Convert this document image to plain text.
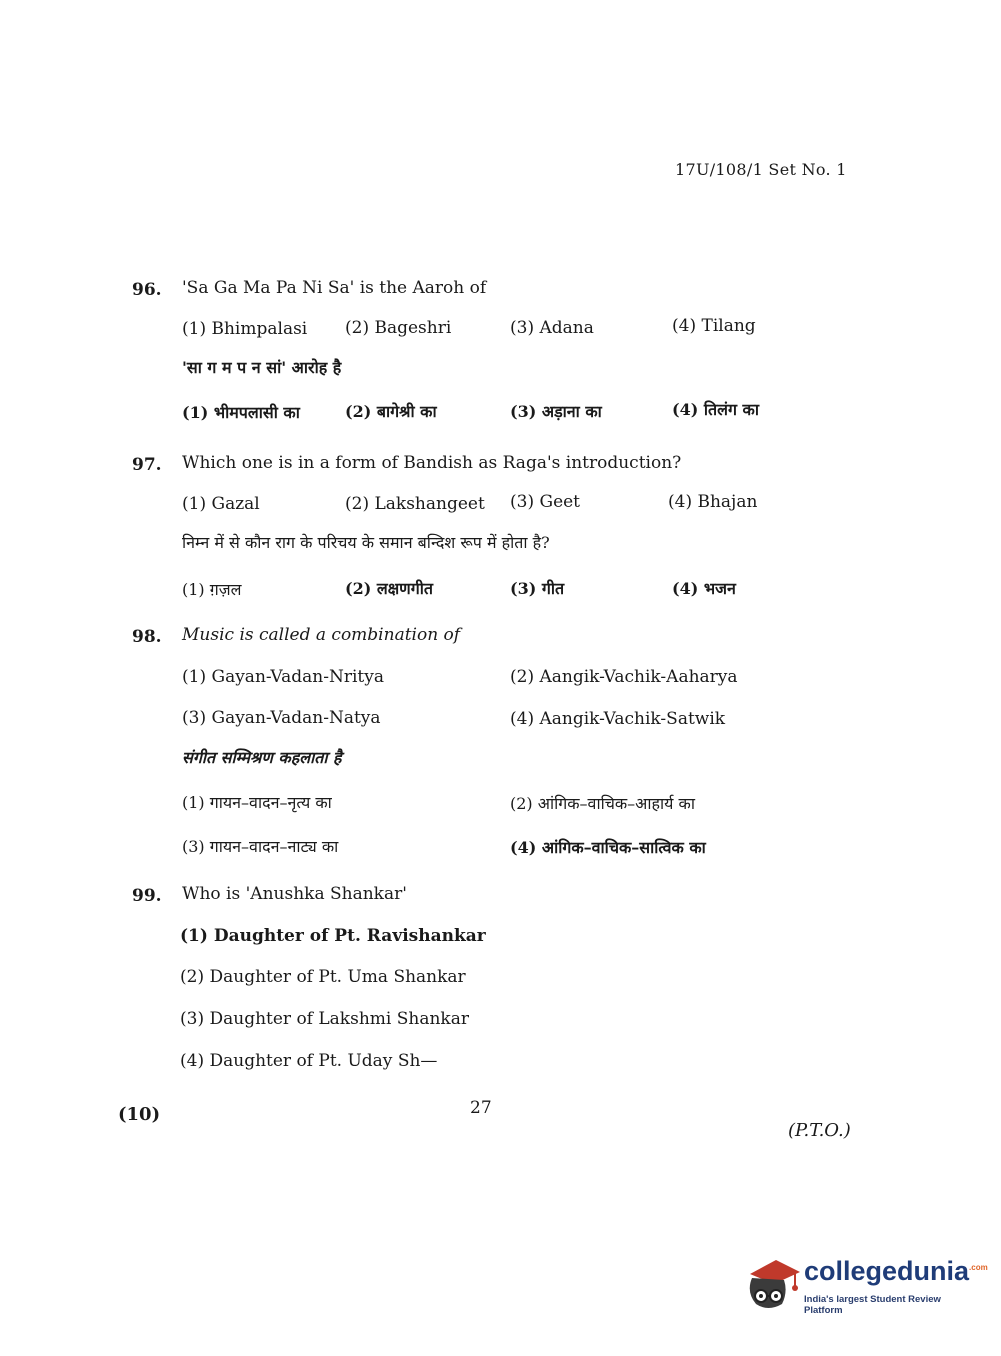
17U/108/1 Set No. 1
96. 'Sa Ga Ma Pa Ni Sa' is the Aaroh of
(1) Bhimpalasi (2) Bageshri	(3) Adana	(4) Tilang
'सा ग म प न सां' आरोह है
(1) भीमपलासी का	(2) बागेश्री का	(3) अड़ाना का	(4) तिलंग का
97. Which one is in a form of Bandish as Raga's introduction?
(1) Gazal	(2) Lakshangeet (3) Geet	(4) Bhajan
निम्न में से कौन राग के परिचय के समान बन्दिश रूप में होता है?
(1) ग़ज़ल	(2) लक्षणगीत	(3) गीत	(4) भजन
98. Music is called a combination of
(1) Gayan-Vadan-Nritya	(2) Aangik-Vachik-Aaharya
(3) Gayan-Vadan-Natya	(4) Aangik-Vachik-Satwik
संगीत सम्मिश्रण कहलाता है
(1) गायन–वादन–नृत्य का	(2) आंगिक–वाचिक–आहार्य का
(3) गायन–वादन–नाट्य का	(4) आंगिक–वाचिक–सात्विक का
99. Who is 'Anushka Shankar'
(1) Daughter of Pt. Ravishankar
(2) Daughter of Pt. Uma Shankar
(3) Daughter of Lakshmi Shankar
(4) Daughter of Pt. Uday Sh—
(10)	27
(P.T.O.)
collegedunia$^{.com}$
India's largest Student Review Platform
